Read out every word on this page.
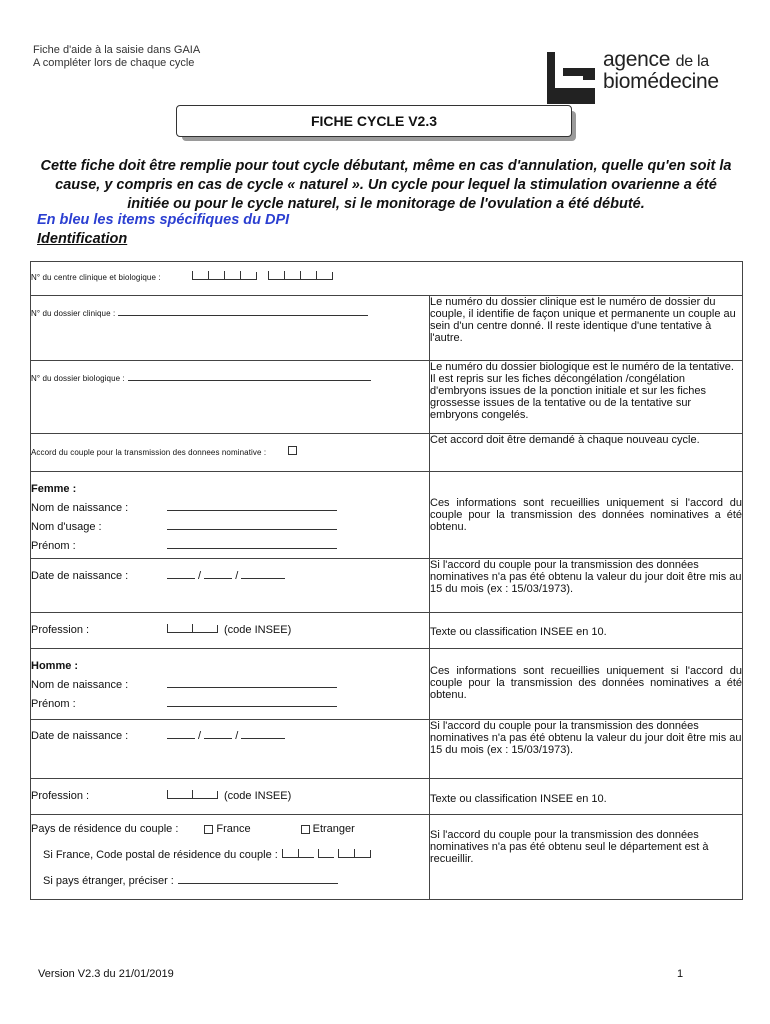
Fiche d'aide à la saisie dans GAIA
A compléter lors de chaque cycle	agence de la
biomédecine
FICHE CYCLE V2.3
Cette fiche doit être remplie pour tout cycle débutant, même en cas d'annulation, quelle qu'en soit la cause, y compris en cas de cycle « naturel ». Un cycle pour lequel la stimulation ovarienne a été initiée ou pour le cycle naturel, si le monitorage de l'ovulation a été débuté.
En bleu les items spécifiques du DPI
Identification
N° du centre clinique et biologique :	
N° du dossier clinique :	Le numéro du dossier clinique est le numéro de dossier du couple, il identifie de façon unique et permanente un couple au sein d'un centre donné. Il reste identique d'une tentative à l'autre.
N° du dossier biologique :	Le numéro du dossier biologique est le numéro de la tentative. Il est repris sur les fiches décongélation /congélation d'embryons issues de la ponction initiale et sur les fiches grossesse issues de la tentative ou de la tentative sur embryons congelés.

Accord du couple pour la transmission des donnees nominative :	Cet accord doit être demandé à chaque nouveau cycle.

Femme :
Nom de naissance :
Nom d'usage :
Prénom :	Ces informations sont recueillies uniquement si l'accord du couple pour la transmission des données nominatives a été obtenu.

Date de naissance : / /	Si l'accord du couple pour la transmission des données nominatives n'a pas été obtenu la valeur du jour doit être mis au 15 du mois (ex : 15/03/1973).

Profession : (code INSEE)	Texte ou classification INSEE en 10.

Homme :
Nom de naissance :
Prénom :	Ces informations sont recueillies uniquement si l'accord du couple pour la transmission des données nominatives a été obtenu.

Date de naissance : / /	Si l'accord du couple pour la transmission des données nominatives n'a pas été obtenu la valeur du jour doit être mis au 15 du mois (ex : 15/03/1973).

Profession : (code INSEE)	Texte ou classification INSEE en 10.

Pays de résidence du couple : France Etranger
Si France, Code postal de résidence du couple :
Si pays étranger, préciser :	Si l'accord du couple pour la transmission des données nominatives n'a pas été obtenu seul le département est à recueillir.
Version V2.3 du 21/01/2019	1
